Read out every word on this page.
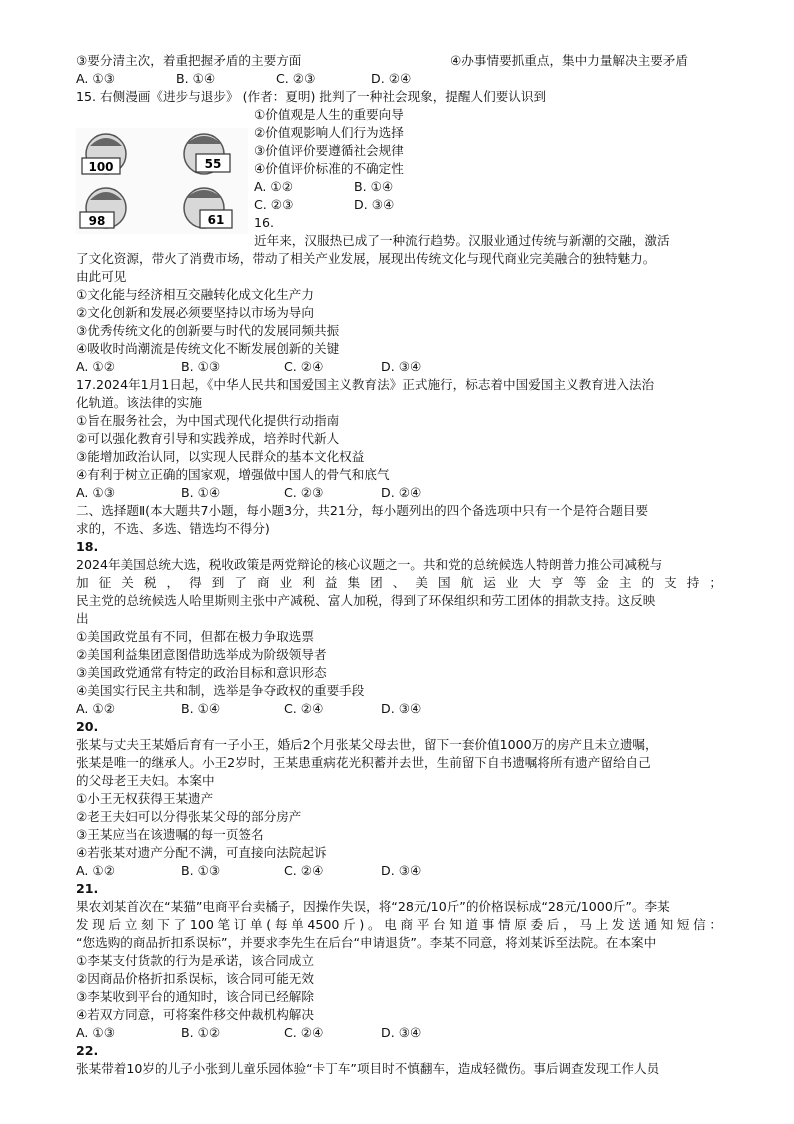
③要分清主次，着重把握矛盾的主要方面	④办事情要抓重点，集中力量解决主要矛盾
A. ①③	B. ①④	C. ②③	D. ②④
15. 右侧漫画《进步与退步》 (作者：夏明) 批判了一种社会现象，提醒人们要认识到
100	55
98	61
①价值观是人生的重要向导
②价值观影响人们行为选择
③价值评价要遵循社会规律
④价值评价标准的不确定性
A. ①②	B. ①④
C. ②③	D. ③④
16.
近年来，汉服热已成了一种流行趋势。汉服业通过传统与新潮的交融，激活
了文化资源，带火了消费市场，带动了相关产业发展，展现出传统文化与现代商业完美融合的独特魅力。
由此可见
①文化能与经济相互交融转化成文化生产力
②文化创新和发展必须要坚持以市场为导向
③优秀传统文化的创新要与时代的发展同频共振
④吸收时尚潮流是传统文化不断发展创新的关键
A. ①②	B. ①③	C. ②④	D. ③④
17.2024年1月1日起，《中华人民共和国爱国主义教育法》正式施行，标志着中国爱国主义教育进入法治
化轨道。该法律的实施
①旨在服务社会，为中国式现代化提供行动指南
②可以强化教育引导和实践养成，培养时代新人
③能增加政治认同，以实现人民群众的基本文化权益
④有利于树立正确的国家观，增强做中国人的骨气和底气
A. ①③	B. ①④	C. ②③	D. ②④
二、选择题Ⅱ(本大题共7小题，每小题3分，共21分，每小题列出的四个备选项中只有一个是符合题目要
求的，不选、多选、错选均不得分)
18.
2024年美国总统大选，税收政策是两党辩论的核心议题之一。共和党的总统候选人特朗普力推公司减税与
加征关税，得到了商业利益集团、美国航运业大亨等金主的支持；
民主党的总统候选人哈里斯则主张中产减税、富人加税，得到了环保组织和劳工团体的捐款支持。这反映
出
①美国政党虽有不同，但都在极力争取选票
②美国利益集团意图借助选举成为阶级领导者
③美国政党通常有特定的政治目标和意识形态
④美国实行民主共和制，选举是争夺政权的重要手段
A. ①②	B. ①④	C. ②④	D. ③④
20.
张某与丈夫王某婚后育有一子小王，婚后2个月张某父母去世，留下一套价值1000万的房产且未立遗嘱，
张某是唯一的继承人。小王2岁时，王某患重病花光积蓄并去世，生前留下自书遗嘱将所有遗产留给自己
的父母老王夫妇。本案中
①小王无权获得王某遗产
②老王夫妇可以分得张某父母的部分房产
③王某应当在该遗嘱的每一页签名
④若张某对遗产分配不满，可直接向法院起诉
A. ①②	B. ①③	C. ②④	D. ③④
21.
果农刘某首次在“某猫”电商平台卖橘子，因操作失误，将“28元/10斤”的价格误标成“28元/1000斤”。李某
发现后立刻下了100笔订单(每单4500斤)。电商平台知道事情原委后，马上发送通知短信：
“您选购的商品折扣系误标”，并要求李先生在后台“申请退货”。李某不同意，将刘某诉至法院。在本案中
①李某支付货款的行为是承诺，该合同成立
②因商品价格折扣系误标，该合同可能无效
③李某收到平台的通知时，该合同已经解除
④若双方同意，可将案件移交仲裁机构解决
A. ①③	B. ①②	C. ②④	D. ③④
22.
张某带着10岁的儿子小张到儿童乐园体验“卡丁车”项目时不慎翻车，造成轻微伤。事后调查发现工作人员
